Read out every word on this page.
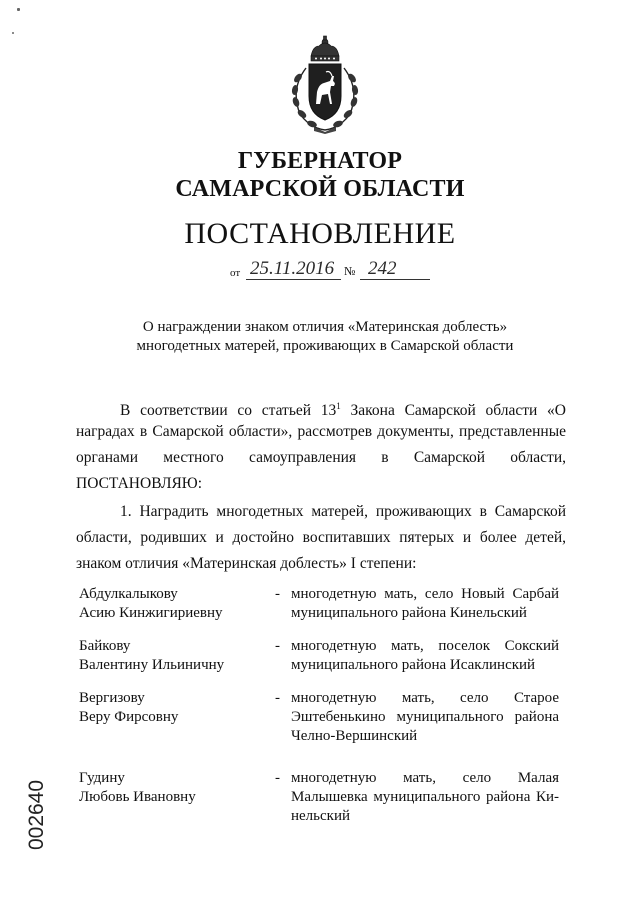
ГУБЕРНАТОР
САМАРСКОЙ ОБЛАСТИ
ПОСТАНОВЛЕНИЕ
от 25.11.2016 № 242
О награждении знаком отличия «Материнская доблесть»
многодетных матерей, проживающих в Самарской области
В соответствии со статьей $13^1$ Закона Самарской области «О
наградах в Самарской области», рассмотрев документы, представленные
органами местного самоуправления в Самарской области,
ПОСТАНОВЛЯЮ:
1. Наградить многодетных матерей, проживающих в Самарской
области, родивших и достойно воспитавших пятерых и более детей,
знаком отличия «Материнская доблесть» I степени:
Абдулкалыкову
Асию Кинжигириевну
- многодетную мать, село Новый Сарбай
муниципального района Кинельский
Байкову
Валентину Ильиничну
- многодетную мать, поселок Сокский
муниципального района Исаклинский
Вергизову
Веру Фирсовну
- многодетную мать, село Старое
Эштебенькино муниципального района
Челно-Вершинский
Гудину
Любовь Ивановну
- многодетную мать, село Малая
Малышевка муниципального района Ки-
нельский
002640
